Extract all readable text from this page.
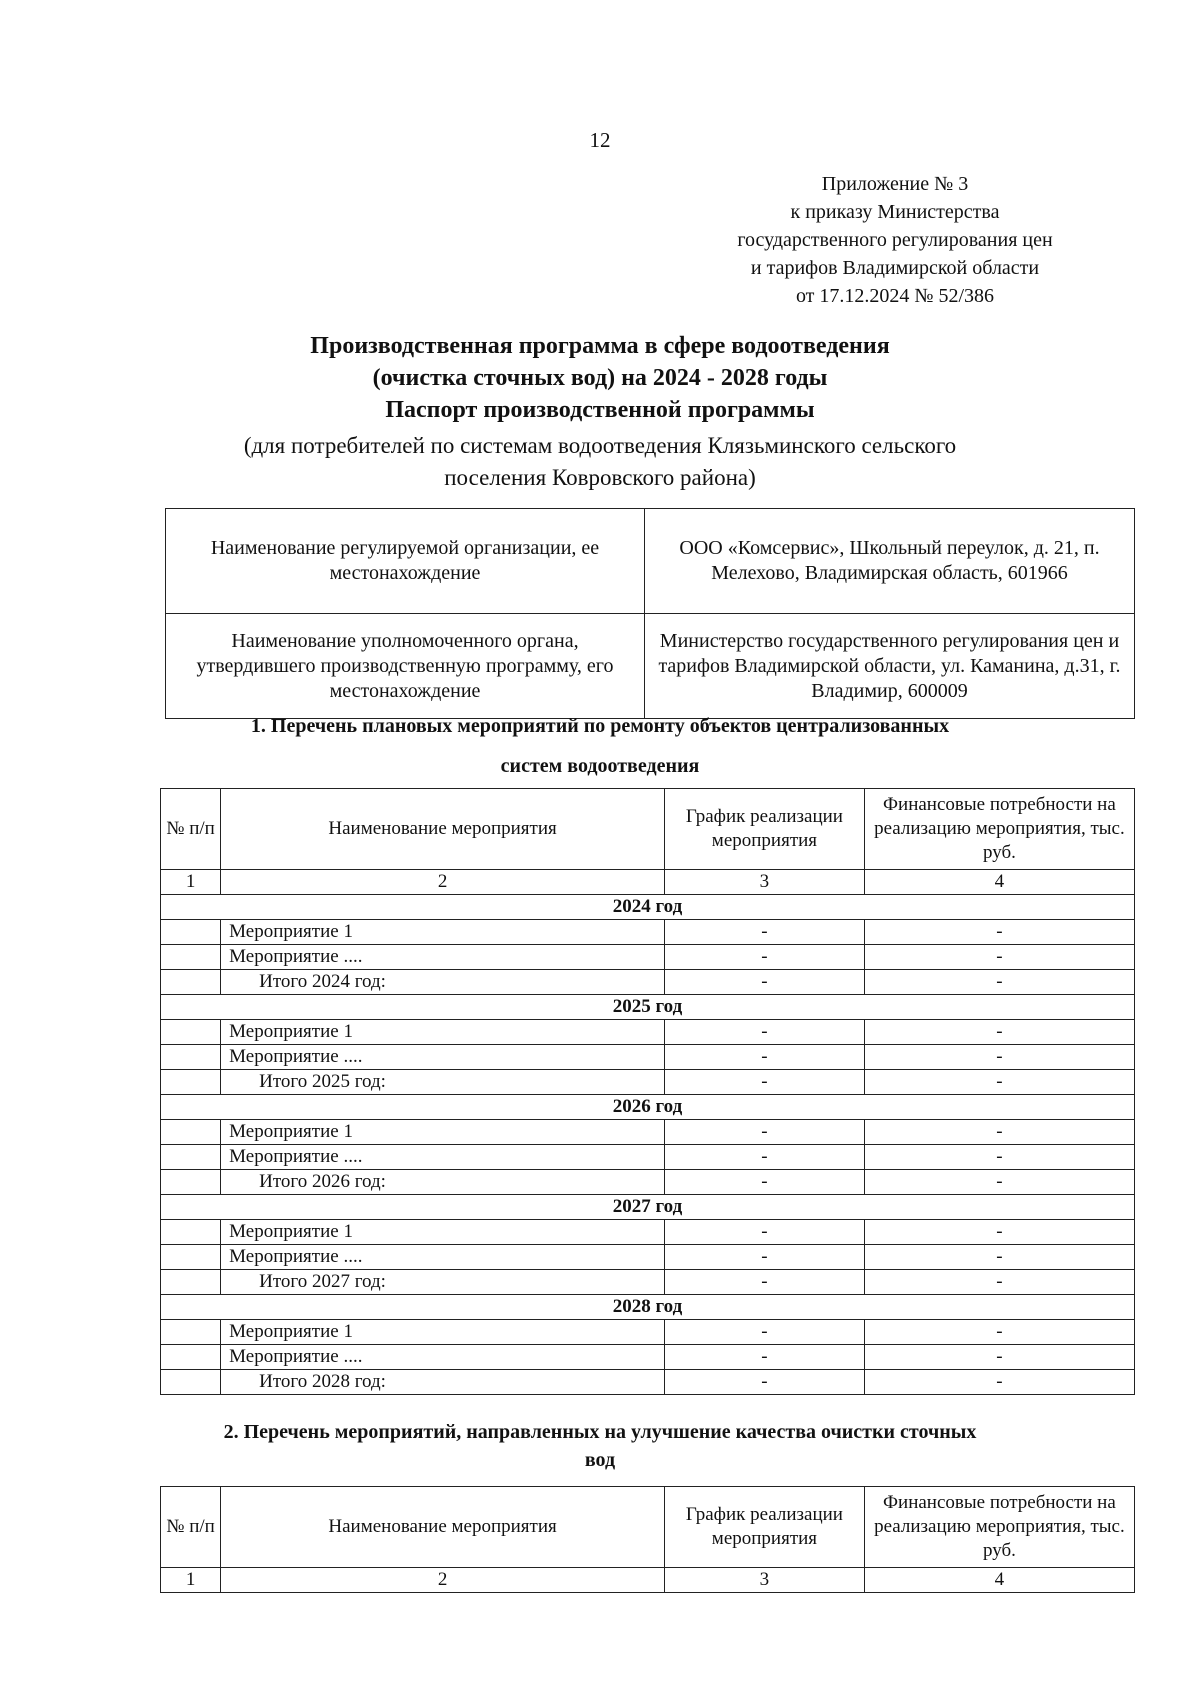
12
Приложение № 3
к приказу Министерства
государственного регулирования цен
и тарифов Владимирской области
от 17.12.2024 № 52/386
Производственная программа в сфере водоотведения
(очистка сточных вод) на 2024 - 2028 годы
Паспорт производственной программы
(для потребителей по системам водоотведения Клязьминского сельского
поселения Ковровского района)
Наименование регулируемой организации, ее местонахождение	ООО «Комсервис», Школьный переулок, д. 21, п. Мелехово, Владимирская область, 601966
Наименование уполномоченного органа, утвердившего производственную программу, его местонахождение	Министерство государственного регулирования цен и тарифов Владимирской области, ул. Каманина, д.31, г. Владимир, 600009
1. Перечень плановых мероприятий по ремонту объектов централизованных
систем водоотведения
№ п/п	Наименование мероприятия	График реализации мероприятия	Финансовые потребности на реализацию мероприятия, тыс. руб.
1	2	3	4
2024 год			
	Мероприятие 1	-	-
	Мероприятие ....	-	-
	Итого 2024 год:	-	-
2025 год			
	Мероприятие 1	-	-
	Мероприятие ....	-	-
	Итого 2025 год:	-	-
2026 год			
	Мероприятие 1	-	-
	Мероприятие ....	-	-
	Итого 2026 год:	-	-
2027 год			
	Мероприятие 1	-	-
	Мероприятие ....	-	-
	Итого 2027 год:	-	-
2028 год			
	Мероприятие 1	-	-
	Мероприятие ....	-	-
	Итого 2028 год:	-	-
2. Перечень мероприятий, направленных на улучшение качества очистки сточных
вод
№ п/п	Наименование мероприятия	График реализации мероприятия	Финансовые потребности на реализацию мероприятия, тыс. руб.
1	2	3	4
